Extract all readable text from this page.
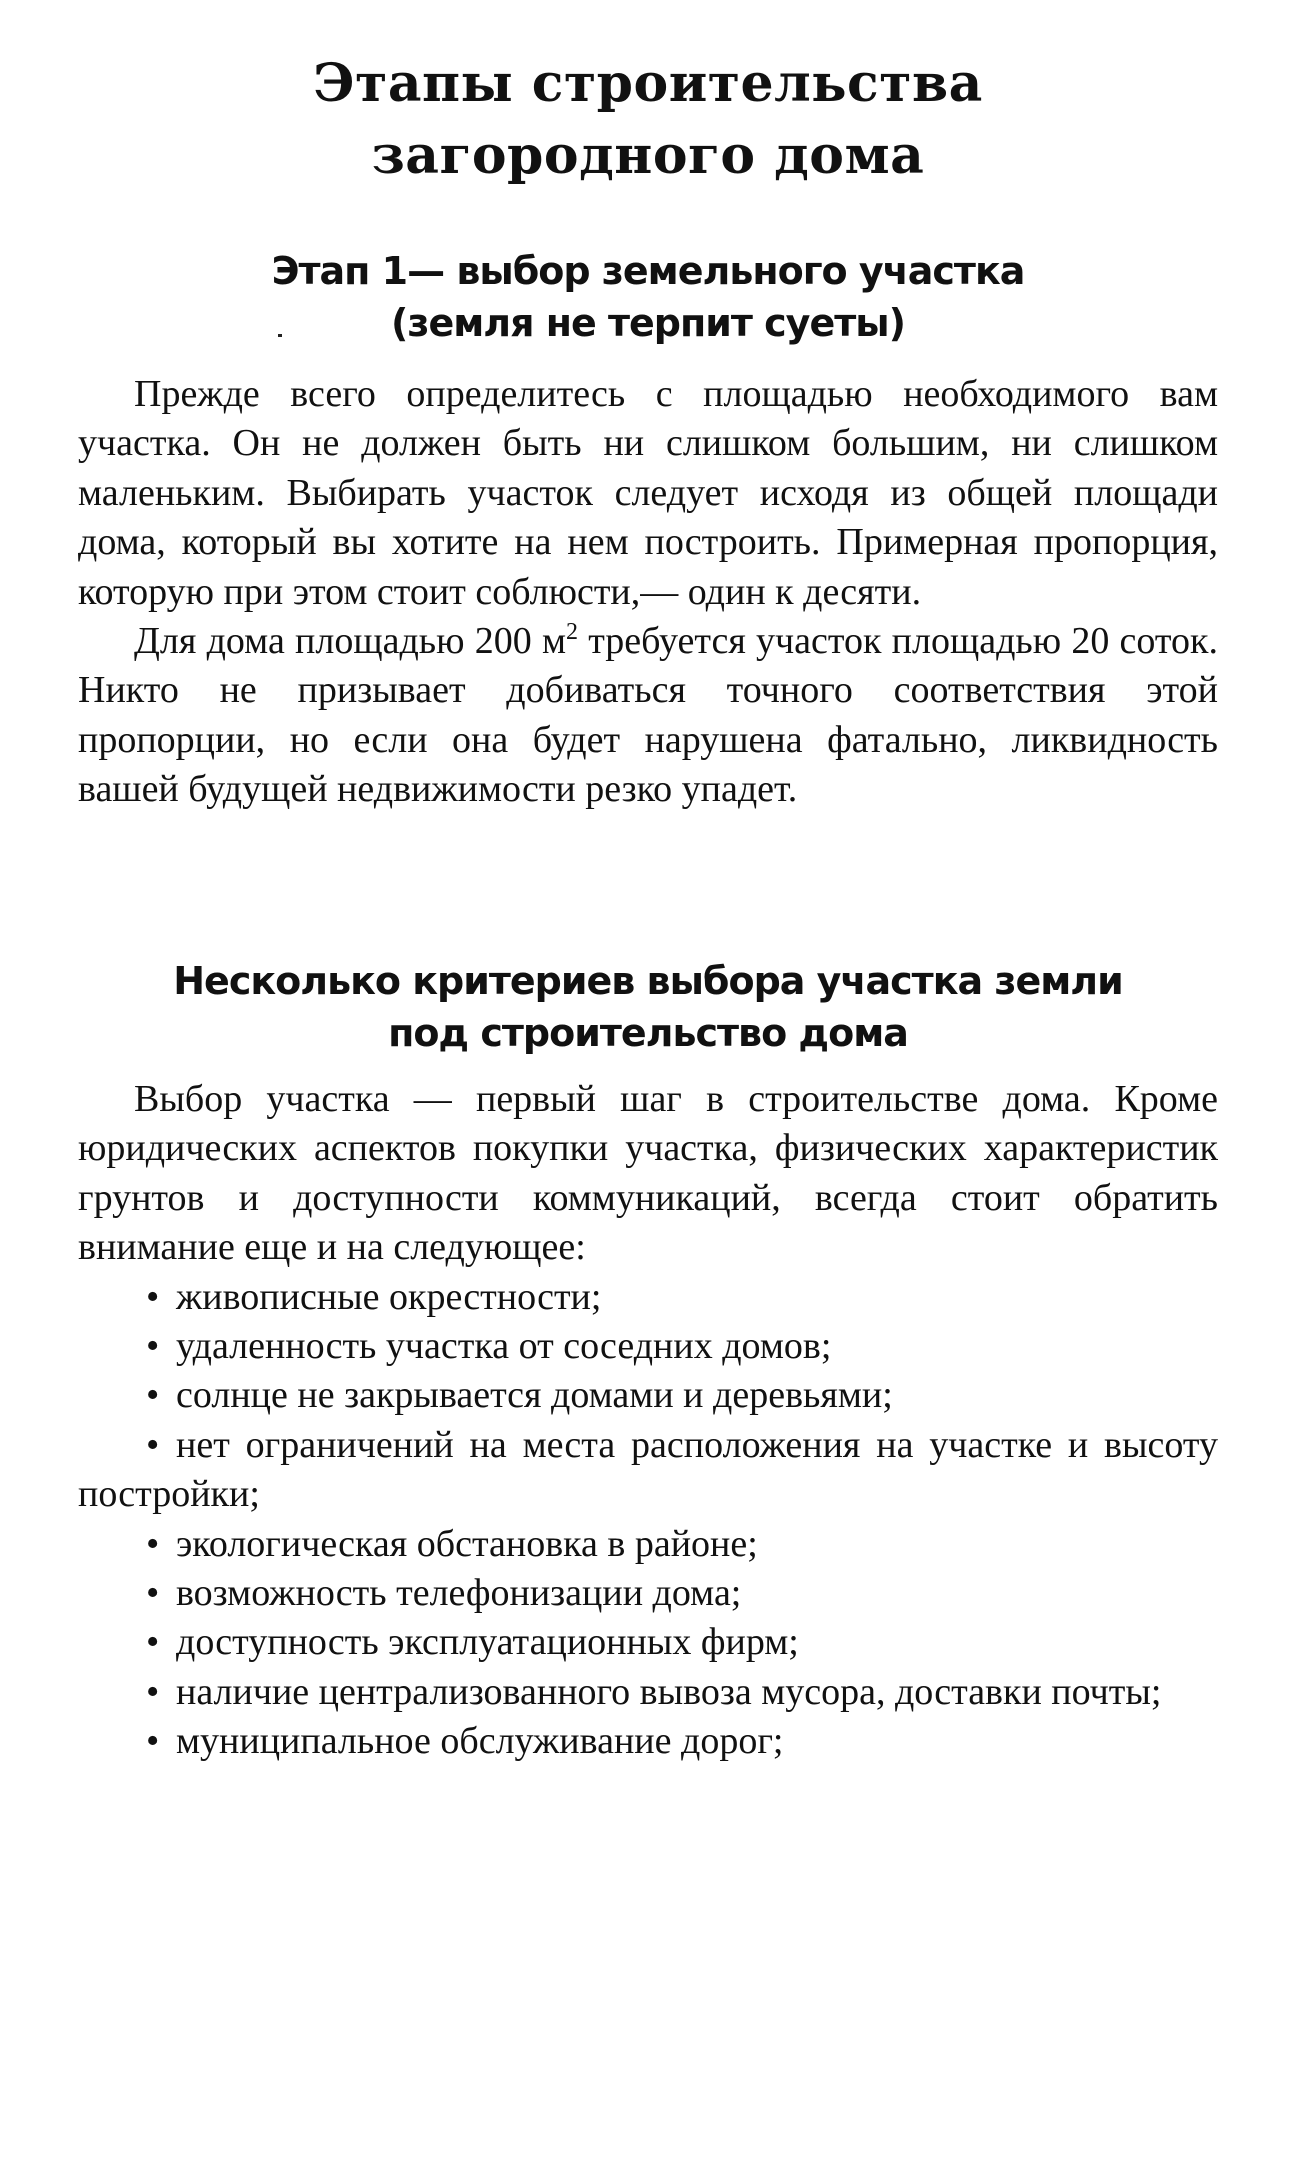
Этапы строительства
загородного дома
Этап 1— выбор земельного участка
(земля не терпит суеты)

Прежде всего определитесь с площадью необходимого вам участка. Он не должен быть ни слишком большим, ни слишком маленьким. Выбирать участок следует исходя из общей площади дома, который вы хотите на нем построить. Примерная пропорция, которую при этом стоит соблюсти,— один к десяти.

Для дома площадью 200 $м^2$ требуется участок площадью 20 соток. Никто не призывает добиваться точного соответствия этой пропорции, но если она будет нарушена фатально, ликвидность вашей будущей недвижимости резко упадет.

Несколько критериев выбора участка земли
под строительство дома

Выбор участка — первый шаг в строительстве дома. Кроме юридических аспектов покупки участка, физических характеристик грунтов и доступности коммуникаций, всегда стоит обратить внимание еще и на следующее:

• живописные окрестности;
• удаленность участка от соседних домов;
• солнце не закрывается домами и деревьями;
• нет ограничений на места расположения на участке и высоту постройки;
• экологическая обстановка в районе;
• возможность телефонизации дома;
• доступность эксплуатационных фирм;
• наличие централизованного вывоза мусора, доставки почты;
• муниципальное обслуживание дорог;
